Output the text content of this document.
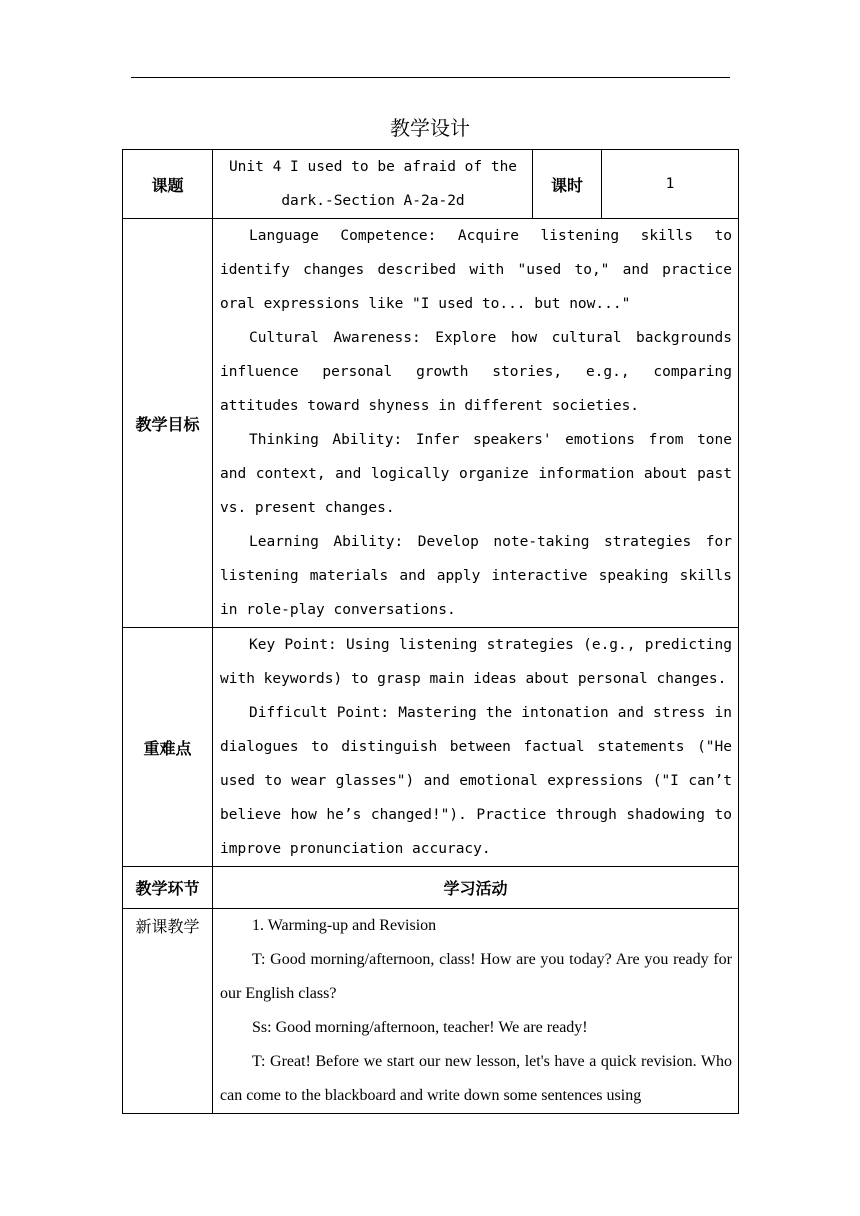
教学设计
课题	Unit 4 I used to be afraid of the dark.-Section A-2a-2d	课时	1
教学目标	Language Competence: Acquire listening skills to identify changes described with "used to," and practice oral expressions like "I used to... but now..."

Cultural Awareness: Explore how cultural backgrounds influence personal growth stories, e.g., comparing attitudes toward shyness in different societies.

Thinking Ability: Infer speakers' emotions from tone and context, and logically organize information about past vs. present changes.

Learning Ability: Develop note-taking strategies for listening materials and apply interactive speaking skills in role-play conversations.		

重难点	Key Point: Using listening strategies (e.g., predicting with keywords) to grasp main ideas about personal changes.

Difficult Point: Mastering the intonation and stress in dialogues to distinguish between factual statements ("He used to wear glasses") and emotional expressions ("I can’t believe how he’s changed!"). Practice through shadowing to improve pronunciation accuracy.		

教学环节	学习活动		
新课教学	1. Warming-up and Revision

T: Good morning/afternoon, class! How are you today? Are you ready for our English class?

Ss: Good morning/afternoon, teacher! We are ready!

T: Great! Before we start our new lesson, let's have a quick revision. Who can come to the blackboard and write down some sentences using		
